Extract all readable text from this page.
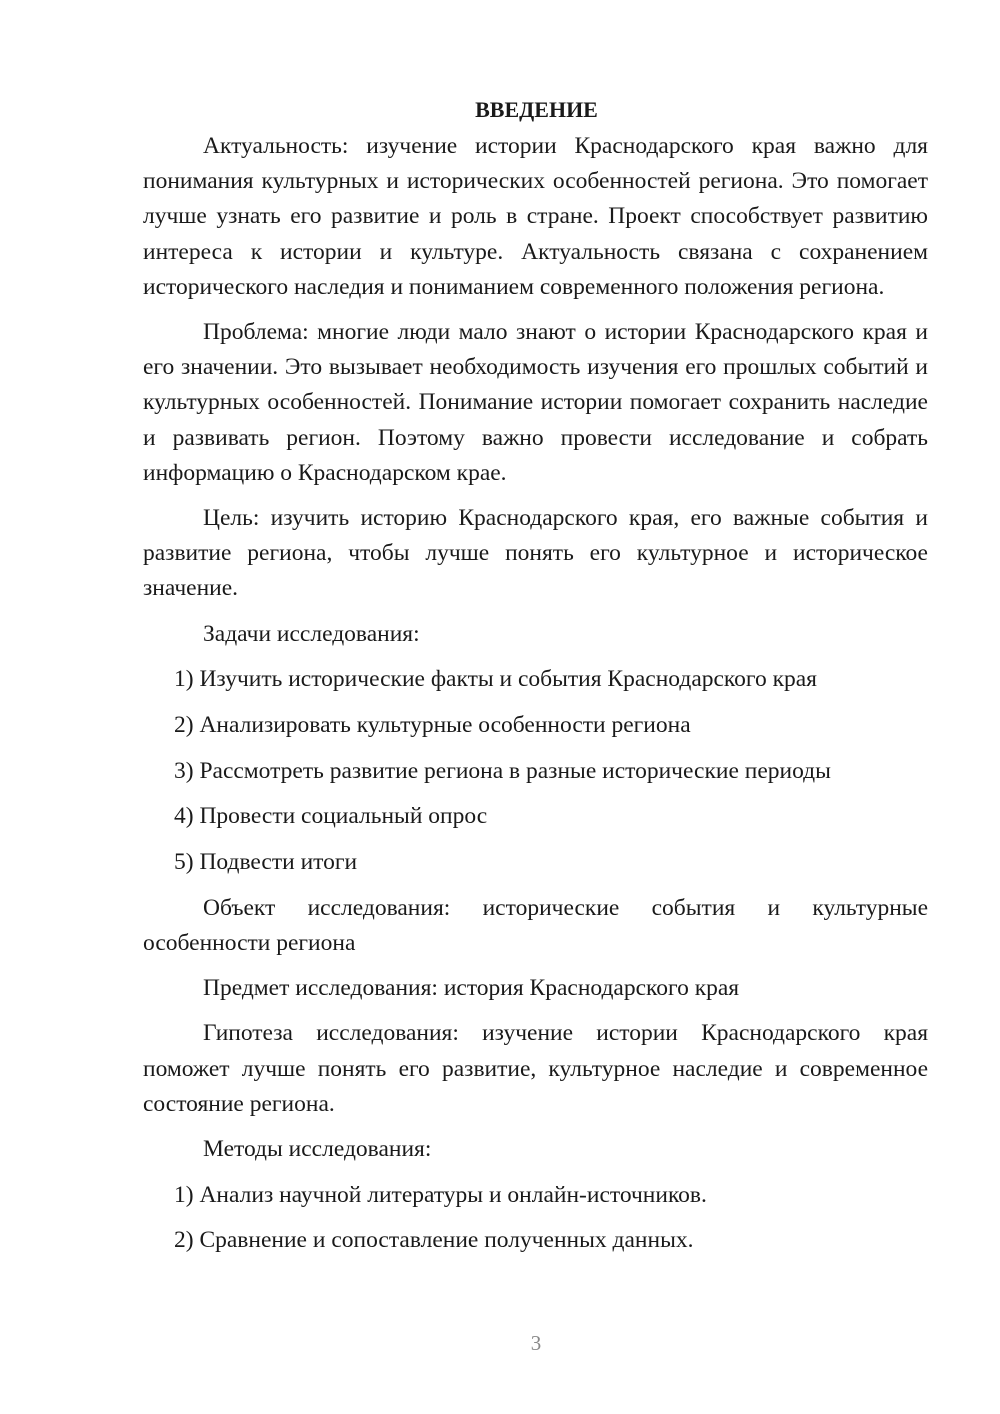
ВВЕДЕНИЕ

Актуальность: изучение истории Краснодарского края важно для понимания культурных и исторических особенностей региона. Это помогает лучше узнать его развитие и роль в стране. Проект способствует развитию интереса к истории и культуре. Актуальность связана с сохранением исторического наследия и пониманием современного положения региона.

Проблема: многие люди мало знают о истории Краснодарского края и его значении. Это вызывает необходимость изучения его прошлых событий и культурных особенностей. Понимание истории помогает сохранить наследие и развивать регион. Поэтому важно провести исследование и собрать информацию о Краснодарском крае.

Цель: изучить историю Краснодарского края, его важные события и развитие региона, чтобы лучше понять его культурное и историческое значение.

Задачи исследования:

1) Изучить исторические факты и события Краснодарского края

2) Анализировать культурные особенности региона

3) Рассмотреть развитие региона в разные исторические периоды

4) Провести социальный опрос

5) Подвести итоги

Объект исследования: исторические события и культурные особенности региона

Предмет исследования: история Краснодарского края

Гипотеза исследования: изучение истории Краснодарского края поможет лучше понять его развитие, культурное наследие и современное состояние региона.

Методы исследования:

1) Анализ научной литературы и онлайн-источников.

2) Сравнение и сопоставление полученных данных.

3
